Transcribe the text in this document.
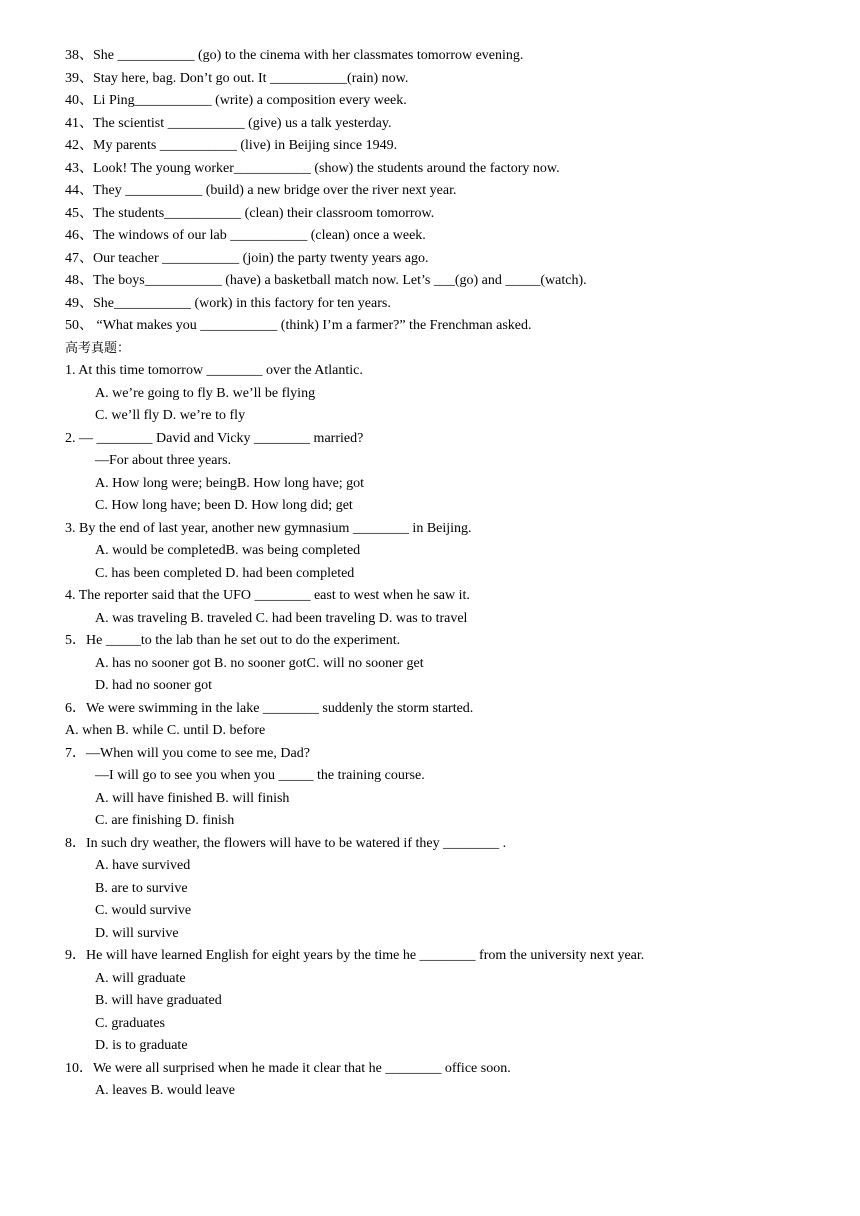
38、She ___________ (go) to the cinema with her classmates tomorrow evening.
39、Stay here, bag. Don’t go out. It ___________(rain) now.
40、Li Ping___________ (write) a composition every week.
41、The scientist ___________ (give) us a talk yesterday.
42、My parents ___________ (live) in Beijing since 1949.
43、Look! The young worker___________ (show) the students around the factory now.
44、They ___________ (build) a new bridge over the river next year.
45、The students___________ (clean) their classroom tomorrow.
46、The windows of our lab ___________ (clean) once a week.
47、Our teacher ___________ (join) the party twenty years ago.
48、The boys___________ (have) a basketball match now. Let’s ___(go) and _____(watch).
49、She___________ (work) in this factory for ten years.
50、 “What makes you ___________ (think) I’m a farmer?” the Frenchman asked.
高考真题：
1. At this time tomorrow ________ over the Atlantic.
A. we’re going to fly B. we’ll be flying
C. we’ll fly D. we’re to fly
2. — ________ David and Vicky ________ married?
—For about three years.
A. How long were; beingB. How long have; got
C. How long have; been D. How long did; get
3. By the end of last year, another new gymnasium ________ in Beijing.
A. would be completedB. was being completed
C. has been completed D. had been completed
4. The reporter said that the UFO ________ east to west when he saw it.
A. was traveling B. traveled C. had been traveling D. was to travel
5．He _____to the lab than he set out to do the experiment.
A. has no sooner got B. no sooner gotC. will no sooner get
D. had no sooner got
6．We were swimming in the lake ________ suddenly the storm started.
A. when B. while C. until D. before
7．—When will you come to see me, Dad?
—I will go to see you when you _____ the training course.
A. will have finished B. will finish
C. are finishing D. finish
8．In such dry weather, the flowers will have to be watered if they ________ .
A. have survived
B. are to survive
C. would survive
D. will survive
9．He will have learned English for eight years by the time he ________ from the university next year.
A. will graduate
B. will have graduated
C. graduates
D. is to graduate
10．We were all surprised when he made it clear that he ________ office soon.
A. leaves B. would leave
